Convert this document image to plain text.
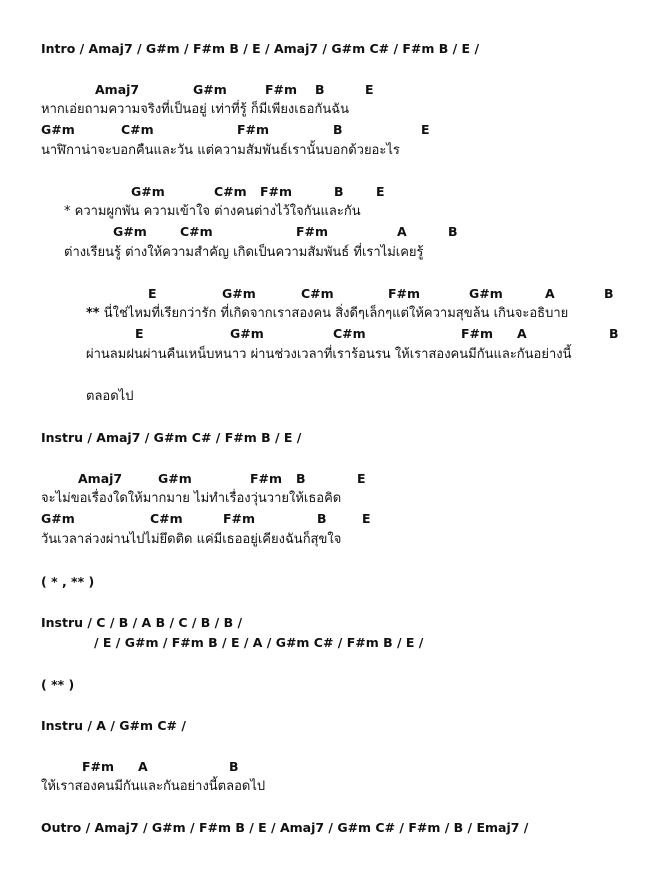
Intro / Amaj7 / G#m / F#m B / E / Amaj7 / G#m C# / F#m B / E /
Amaj7	G#m	F#m B	E
หากเอ่ยถามความจริงที่เป็นอยู่ เท่าที่รู้ ก็มีเพียงเธอกันฉัน
G#m	C#m	F#m	B	E
นาฬิกาน่าจะบอกคืนและวัน แต่ความสัมพันธ์เรานั้นบอกด้วยอะไร
G#m	C#m F#m	B	E
* ความผูกพัน ความเข้าใจ ต่างคนต่างไว้ใจกันและกัน
G#m	C#m	F#m	A	B
ต่างเรียนรู้ ต่างให้ความสำคัญ เกิดเป็นความสัมพันธ์ ที่เราไม่เคยรู้
E	G#m	C#m	F#m	G#m	A	B
** นี่ใช่ไหมที่เรียกว่ารัก ที่เกิดจากเราสองคน สิ่งดีๆเล็กๆแต่ให้ความสุขล้น เกินจะอธิบาย
E	G#m	C#m	F#m A	B
ผ่านลมฝนผ่านคืนเหน็บหนาว ผ่านช่วงเวลาที่เราร้อนรน ให้เราสองคนมีกันและกันอย่างนี้
ตลอดไป
Instru / Amaj7 / G#m C# / F#m B / E /
Amaj7	G#m	F#m B	E
จะไม่ขอเรื่องใดให้มากมาย ไม่ทำเรื่องวุ่นวายให้เธอคิด
G#m	C#m	F#m	B	E
วันเวลาล่วงผ่านไปไม่ยึดติด แค่มีเธออยู่เคียงฉันก็สุขใจ
( * , ** )
Instru / C / B / A B / C / B / B /
/ E / G#m / F#m B / E / A / G#m C# / F#m B / E /
( ** )
Instru / A / G#m C# /
F#m A	B
ให้เราสองคนมีกันและกันอย่างนี้ตลอดไป
Outro / Amaj7 / G#m / F#m B / E / Amaj7 / G#m C# / F#m / B / Emaj7 /
